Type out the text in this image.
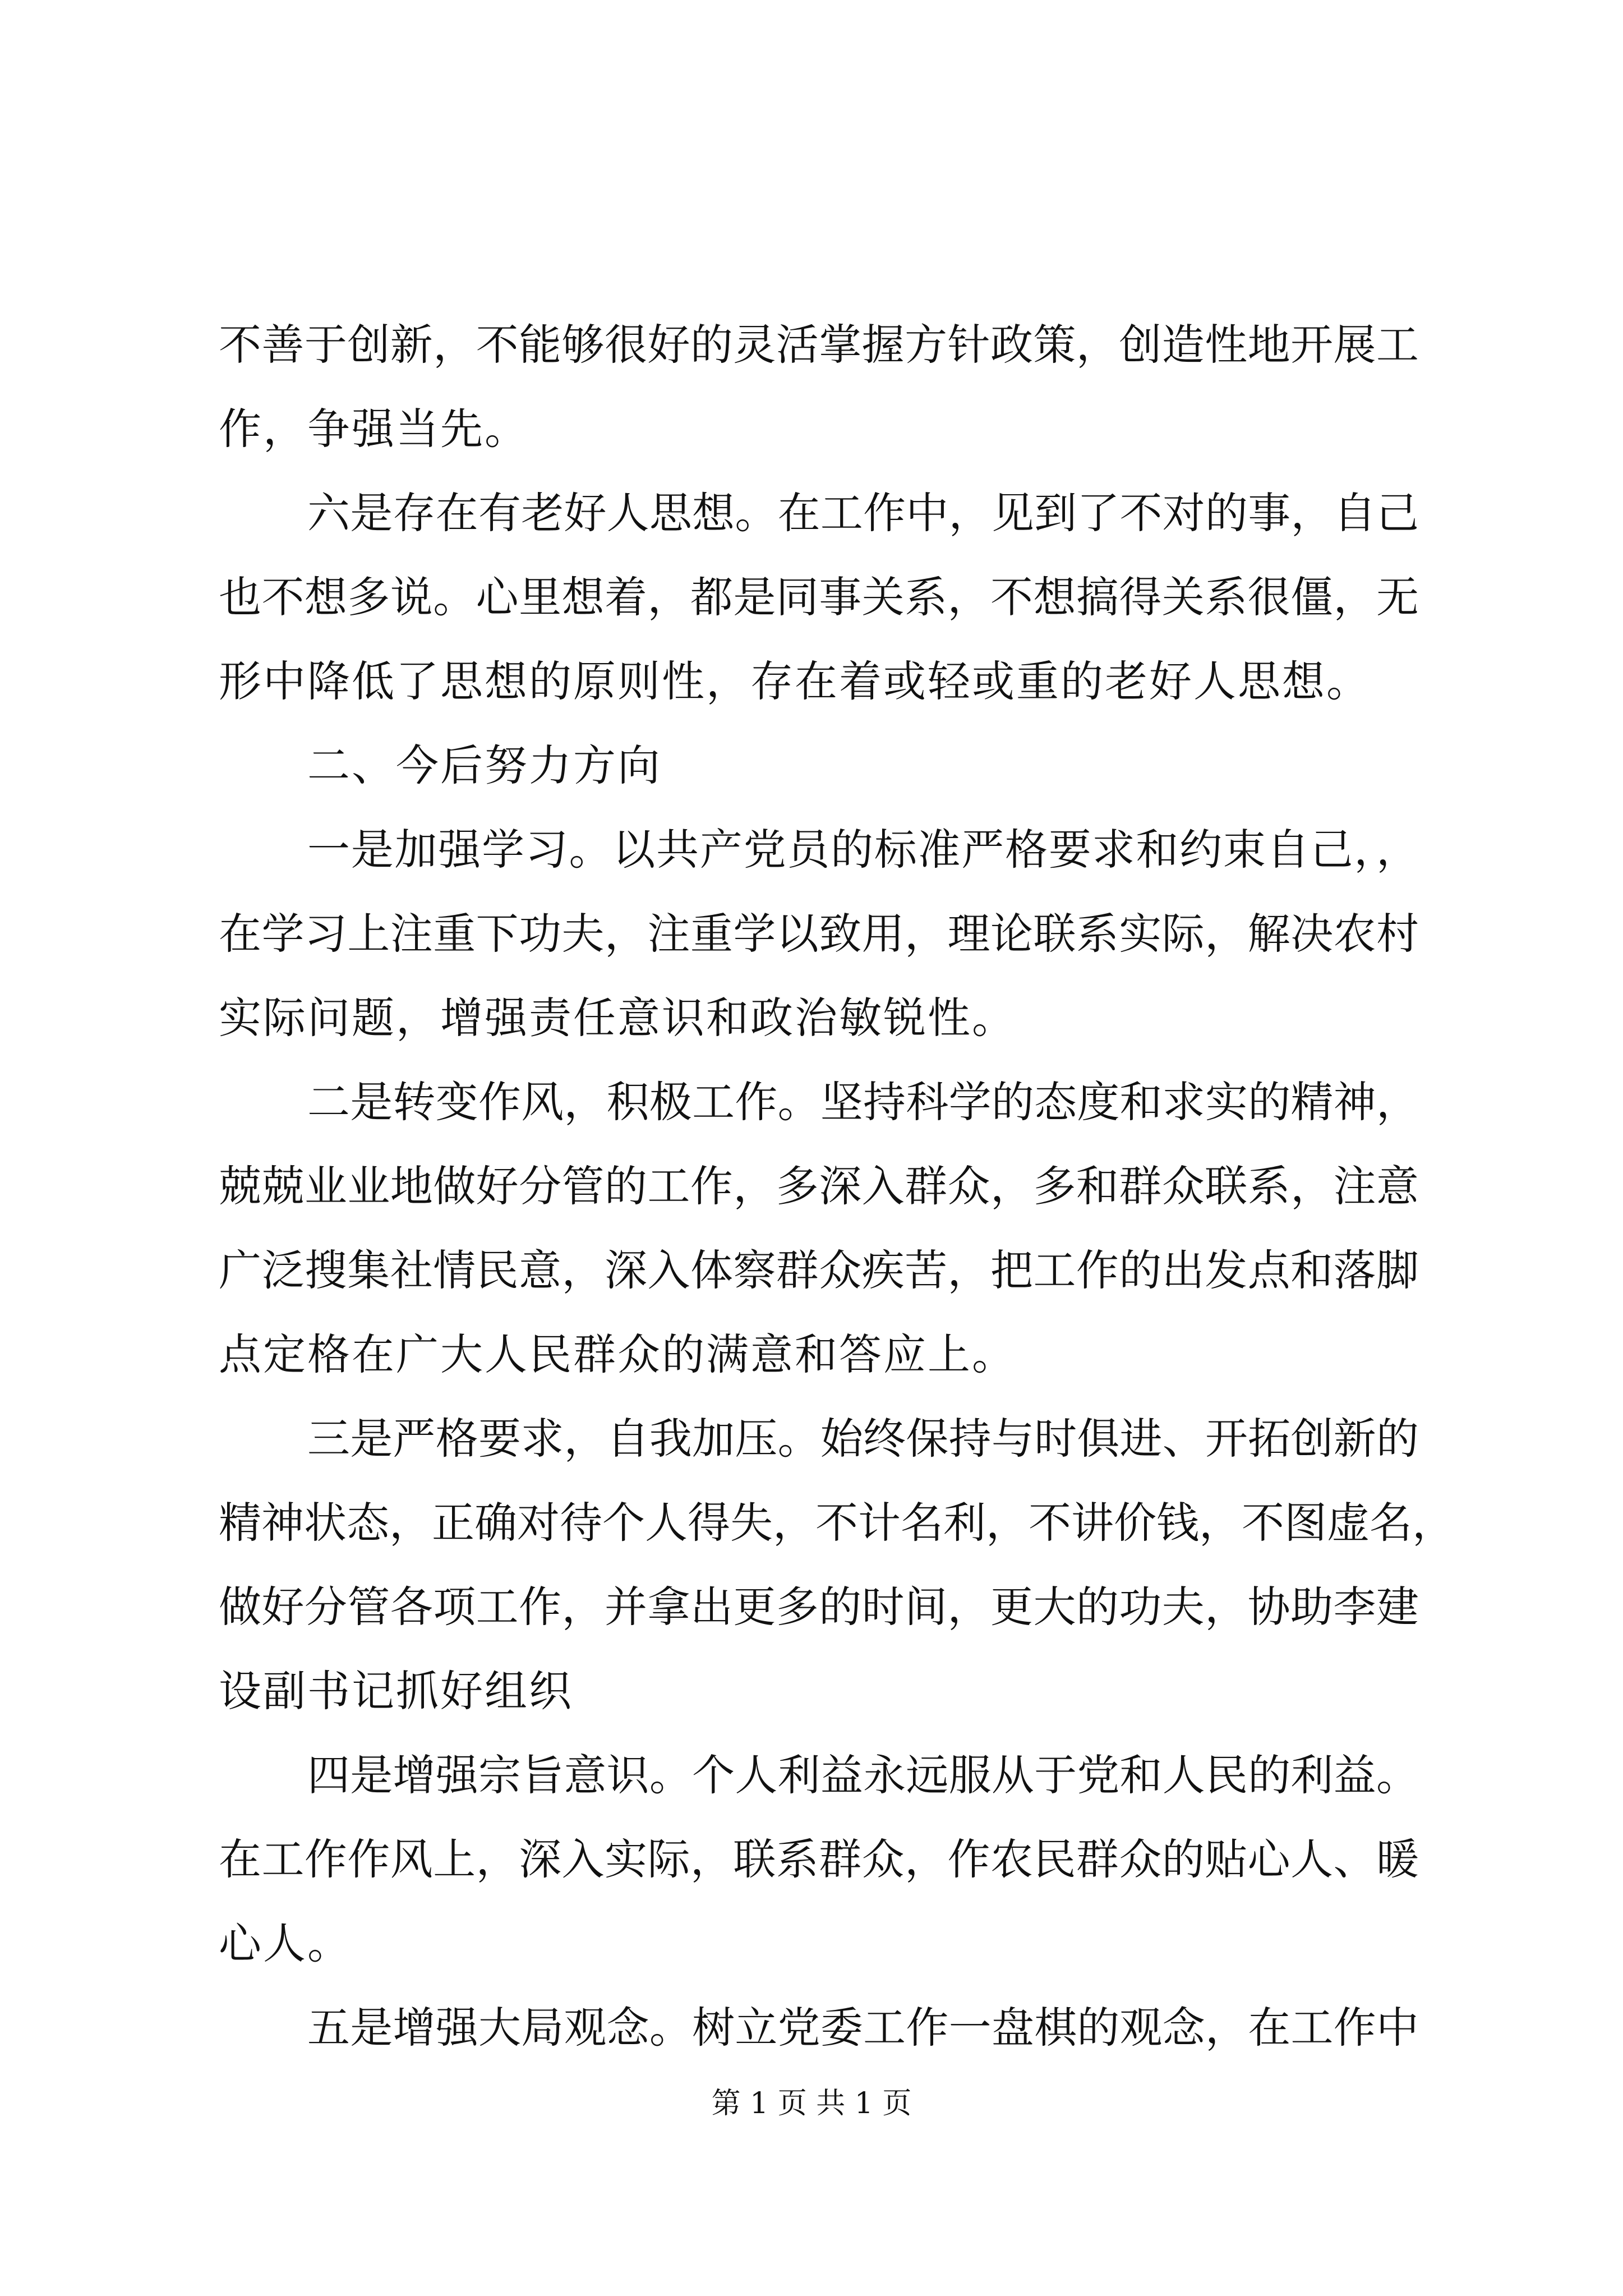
不善于创新，不能够很好的灵活掌握方针政策，创造性地开展工
作，争强当先。
六是存在有老好人思想。在工作中，见到了不对的事，自己
也不想多说。心里想着，都是同事关系，不想搞得关系很僵，无
形中降低了思想的原则性，存在着或轻或重的老好人思想。
二、今后努力方向
一是加强学习。以共产党员的标准严格要求和约束自己，，
在学习上注重下功夫，注重学以致用，理论联系实际，解决农村
实际问题，增强责任意识和政治敏锐性。
二是转变作风，积极工作。坚持科学的态度和求实的精神，
兢兢业业地做好分管的工作，多深入群众，多和群众联系，注意
广泛搜集社情民意，深入体察群众疾苦，把工作的出发点和落脚
点定格在广大人民群众的满意和答应上。
三是严格要求，自我加压。始终保持与时俱进、开拓创新的
精神状态，正确对待个人得失，不计名利，不讲价钱，不图虚名，
做好分管各项工作，并拿出更多的时间，更大的功夫，协助李建
设副书记抓好组织
四是增强宗旨意识。个人利益永远服从于党和人民的利益。
在工作作风上，深入实际，联系群众，作农民群众的贴心人、暖
心人。
五是增强大局观念。树立党委工作一盘棋的观念，在工作中
第 1 页 共 1 页
